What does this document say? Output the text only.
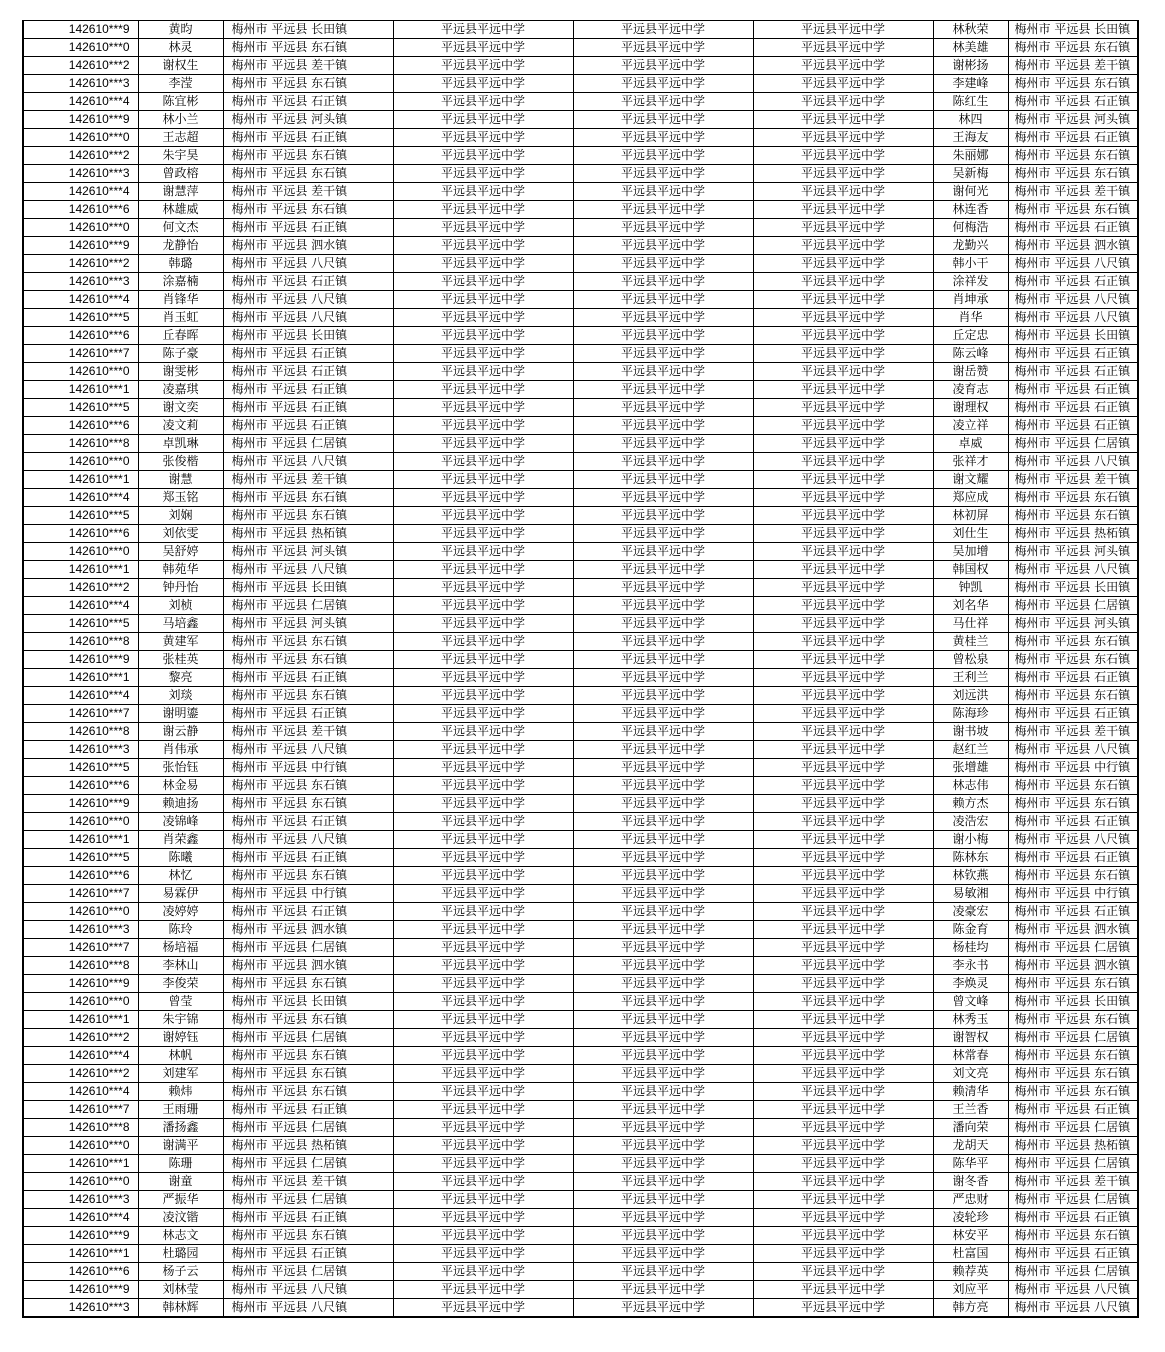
142610***9	黄昀	梅州市 平远县 长田镇	平远县平远中学	平远县平远中学	平远县平远中学	林秋荣	梅州市 平远县 长田镇
142610***0	林灵	梅州市 平远县 东石镇	平远县平远中学	平远县平远中学	平远县平远中学	林美雄	梅州市 平远县 东石镇
142610***2	谢权生	梅州市 平远县 差干镇	平远县平远中学	平远县平远中学	平远县平远中学	谢彬扬	梅州市 平远县 差干镇
142610***3	李滢	梅州市 平远县 东石镇	平远县平远中学	平远县平远中学	平远县平远中学	李建峰	梅州市 平远县 东石镇
142610***4	陈宜彬	梅州市 平远县 石正镇	平远县平远中学	平远县平远中学	平远县平远中学	陈红生	梅州市 平远县 石正镇
142610***9	林小兰	梅州市 平远县 河头镇	平远县平远中学	平远县平远中学	平远县平远中学	林四	梅州市 平远县 河头镇
142610***0	王志超	梅州市 平远县 石正镇	平远县平远中学	平远县平远中学	平远县平远中学	王海友	梅州市 平远县 石正镇
142610***2	朱宇昊	梅州市 平远县 东石镇	平远县平远中学	平远县平远中学	平远县平远中学	朱丽娜	梅州市 平远县 东石镇
142610***3	曾政榕	梅州市 平远县 东石镇	平远县平远中学	平远县平远中学	平远县平远中学	吴新梅	梅州市 平远县 东石镇
142610***4	谢慧萍	梅州市 平远县 差干镇	平远县平远中学	平远县平远中学	平远县平远中学	谢何光	梅州市 平远县 差干镇
142610***6	林雄威	梅州市 平远县 东石镇	平远县平远中学	平远县平远中学	平远县平远中学	林连香	梅州市 平远县 东石镇
142610***0	何文杰	梅州市 平远县 石正镇	平远县平远中学	平远县平远中学	平远县平远中学	何梅浩	梅州市 平远县 石正镇
142610***9	龙静怡	梅州市 平远县 泗水镇	平远县平远中学	平远县平远中学	平远县平远中学	龙勤兴	梅州市 平远县 泗水镇
142610***2	韩璐	梅州市 平远县 八尺镇	平远县平远中学	平远县平远中学	平远县平远中学	韩小干	梅州市 平远县 八尺镇
142610***3	涂嘉楠	梅州市 平远县 石正镇	平远县平远中学	平远县平远中学	平远县平远中学	涂祥发	梅州市 平远县 石正镇
142610***4	肖锋华	梅州市 平远县 八尺镇	平远县平远中学	平远县平远中学	平远县平远中学	肖坤承	梅州市 平远县 八尺镇
142610***5	肖玉虹	梅州市 平远县 八尺镇	平远县平远中学	平远县平远中学	平远县平远中学	肖华	梅州市 平远县 八尺镇
142610***6	丘春晖	梅州市 平远县 长田镇	平远县平远中学	平远县平远中学	平远县平远中学	丘定忠	梅州市 平远县 长田镇
142610***7	陈子豪	梅州市 平远县 石正镇	平远县平远中学	平远县平远中学	平远县平远中学	陈云峰	梅州市 平远县 石正镇
142610***0	谢雯彬	梅州市 平远县 石正镇	平远县平远中学	平远县平远中学	平远县平远中学	谢岳赞	梅州市 平远县 石正镇
142610***1	凌嘉琪	梅州市 平远县 石正镇	平远县平远中学	平远县平远中学	平远县平远中学	凌育志	梅州市 平远县 石正镇
142610***5	谢文奕	梅州市 平远县 石正镇	平远县平远中学	平远县平远中学	平远县平远中学	谢理权	梅州市 平远县 石正镇
142610***6	凌文莉	梅州市 平远县 石正镇	平远县平远中学	平远县平远中学	平远县平远中学	凌立祥	梅州市 平远县 石正镇
142610***8	卓凯琳	梅州市 平远县 仁居镇	平远县平远中学	平远县平远中学	平远县平远中学	卓威	梅州市 平远县 仁居镇
142610***0	张俊楷	梅州市 平远县 八尺镇	平远县平远中学	平远县平远中学	平远县平远中学	张祥才	梅州市 平远县 八尺镇
142610***1	谢慧	梅州市 平远县 差干镇	平远县平远中学	平远县平远中学	平远县平远中学	谢文耀	梅州市 平远县 差干镇
142610***4	郑玉铭	梅州市 平远县 东石镇	平远县平远中学	平远县平远中学	平远县平远中学	郑应成	梅州市 平远县 东石镇
142610***5	刘娴	梅州市 平远县 东石镇	平远县平远中学	平远县平远中学	平远县平远中学	林初屏	梅州市 平远县 东石镇
142610***6	刘依雯	梅州市 平远县 热柘镇	平远县平远中学	平远县平远中学	平远县平远中学	刘仕生	梅州市 平远县 热柘镇
142610***0	吴舒婷	梅州市 平远县 河头镇	平远县平远中学	平远县平远中学	平远县平远中学	吴加增	梅州市 平远县 河头镇
142610***1	韩苑华	梅州市 平远县 八尺镇	平远县平远中学	平远县平远中学	平远县平远中学	韩国权	梅州市 平远县 八尺镇
142610***2	钟丹怡	梅州市 平远县 长田镇	平远县平远中学	平远县平远中学	平远县平远中学	钟凯	梅州市 平远县 长田镇
142610***4	刘桢	梅州市 平远县 仁居镇	平远县平远中学	平远县平远中学	平远县平远中学	刘名华	梅州市 平远县 仁居镇
142610***5	马培鑫	梅州市 平远县 河头镇	平远县平远中学	平远县平远中学	平远县平远中学	马仕祥	梅州市 平远县 河头镇
142610***8	黄建军	梅州市 平远县 东石镇	平远县平远中学	平远县平远中学	平远县平远中学	黄桂兰	梅州市 平远县 东石镇
142610***9	张桂英	梅州市 平远县 东石镇	平远县平远中学	平远县平远中学	平远县平远中学	曾松泉	梅州市 平远县 东石镇
142610***1	黎亮	梅州市 平远县 石正镇	平远县平远中学	平远县平远中学	平远县平远中学	王利兰	梅州市 平远县 石正镇
142610***4	刘琰	梅州市 平远县 东石镇	平远县平远中学	平远县平远中学	平远县平远中学	刘远洪	梅州市 平远县 东石镇
142610***7	谢明鎏	梅州市 平远县 石正镇	平远县平远中学	平远县平远中学	平远县平远中学	陈海珍	梅州市 平远县 石正镇
142610***8	谢云静	梅州市 平远县 差干镇	平远县平远中学	平远县平远中学	平远县平远中学	谢书坡	梅州市 平远县 差干镇
142610***3	肖伟承	梅州市 平远县 八尺镇	平远县平远中学	平远县平远中学	平远县平远中学	赵红兰	梅州市 平远县 八尺镇
142610***5	张怡钰	梅州市 平远县 中行镇	平远县平远中学	平远县平远中学	平远县平远中学	张增雄	梅州市 平远县 中行镇
142610***6	林金易	梅州市 平远县 东石镇	平远县平远中学	平远县平远中学	平远县平远中学	林志伟	梅州市 平远县 东石镇
142610***9	赖迪扬	梅州市 平远县 东石镇	平远县平远中学	平远县平远中学	平远县平远中学	赖方杰	梅州市 平远县 东石镇
142610***0	凌锦峰	梅州市 平远县 石正镇	平远县平远中学	平远县平远中学	平远县平远中学	凌浩宏	梅州市 平远县 石正镇
142610***1	肖荣鑫	梅州市 平远县 八尺镇	平远县平远中学	平远县平远中学	平远县平远中学	谢小梅	梅州市 平远县 八尺镇
142610***5	陈曦	梅州市 平远县 石正镇	平远县平远中学	平远县平远中学	平远县平远中学	陈林东	梅州市 平远县 石正镇
142610***6	林忆	梅州市 平远县 东石镇	平远县平远中学	平远县平远中学	平远县平远中学	林钦燕	梅州市 平远县 东石镇
142610***7	易霖伊	梅州市 平远县 中行镇	平远县平远中学	平远县平远中学	平远县平远中学	易敏湘	梅州市 平远县 中行镇
142610***0	凌婷婷	梅州市 平远县 石正镇	平远县平远中学	平远县平远中学	平远县平远中学	凌豪宏	梅州市 平远县 石正镇
142610***3	陈玲	梅州市 平远县 泗水镇	平远县平远中学	平远县平远中学	平远县平远中学	陈金育	梅州市 平远县 泗水镇
142610***7	杨培福	梅州市 平远县 仁居镇	平远县平远中学	平远县平远中学	平远县平远中学	杨桂均	梅州市 平远县 仁居镇
142610***8	李林山	梅州市 平远县 泗水镇	平远县平远中学	平远县平远中学	平远县平远中学	李永书	梅州市 平远县 泗水镇
142610***9	李俊荣	梅州市 平远县 东石镇	平远县平远中学	平远县平远中学	平远县平远中学	李焕灵	梅州市 平远县 东石镇
142610***0	曾莹	梅州市 平远县 长田镇	平远县平远中学	平远县平远中学	平远县平远中学	曾文峰	梅州市 平远县 长田镇
142610***1	朱宇锦	梅州市 平远县 东石镇	平远县平远中学	平远县平远中学	平远县平远中学	林秀玉	梅州市 平远县 东石镇
142610***2	谢婷钰	梅州市 平远县 仁居镇	平远县平远中学	平远县平远中学	平远县平远中学	谢智权	梅州市 平远县 仁居镇
142610***4	林帆	梅州市 平远县 东石镇	平远县平远中学	平远县平远中学	平远县平远中学	林常春	梅州市 平远县 东石镇
142610***2	刘建军	梅州市 平远县 东石镇	平远县平远中学	平远县平远中学	平远县平远中学	刘文亮	梅州市 平远县 东石镇
142610***4	赖炜	梅州市 平远县 东石镇	平远县平远中学	平远县平远中学	平远县平远中学	赖清华	梅州市 平远县 东石镇
142610***7	王雨珊	梅州市 平远县 石正镇	平远县平远中学	平远县平远中学	平远县平远中学	王兰香	梅州市 平远县 石正镇
142610***8	潘扬鑫	梅州市 平远县 仁居镇	平远县平远中学	平远县平远中学	平远县平远中学	潘向荣	梅州市 平远县 仁居镇
142610***0	谢满平	梅州市 平远县 热柘镇	平远县平远中学	平远县平远中学	平远县平远中学	龙胡天	梅州市 平远县 热柘镇
142610***1	陈珊	梅州市 平远县 仁居镇	平远县平远中学	平远县平远中学	平远县平远中学	陈华平	梅州市 平远县 仁居镇
142610***0	谢童	梅州市 平远县 差干镇	平远县平远中学	平远县平远中学	平远县平远中学	谢冬香	梅州市 平远县 差干镇
142610***3	严振华	梅州市 平远县 仁居镇	平远县平远中学	平远县平远中学	平远县平远中学	严忠财	梅州市 平远县 仁居镇
142610***4	凌汶锴	梅州市 平远县 石正镇	平远县平远中学	平远县平远中学	平远县平远中学	凌轮珍	梅州市 平远县 石正镇
142610***9	林志文	梅州市 平远县 东石镇	平远县平远中学	平远县平远中学	平远县平远中学	林安平	梅州市 平远县 东石镇
142610***1	杜璐园	梅州市 平远县 石正镇	平远县平远中学	平远县平远中学	平远县平远中学	杜富国	梅州市 平远县 石正镇
142610***6	杨子云	梅州市 平远县 仁居镇	平远县平远中学	平远县平远中学	平远县平远中学	赖荐英	梅州市 平远县 仁居镇
142610***9	刘林莹	梅州市 平远县 八尺镇	平远县平远中学	平远县平远中学	平远县平远中学	刘应平	梅州市 平远县 八尺镇
142610***3	韩林辉	梅州市 平远县 八尺镇	平远县平远中学	平远县平远中学	平远县平远中学	韩方亮	梅州市 平远县 八尺镇
